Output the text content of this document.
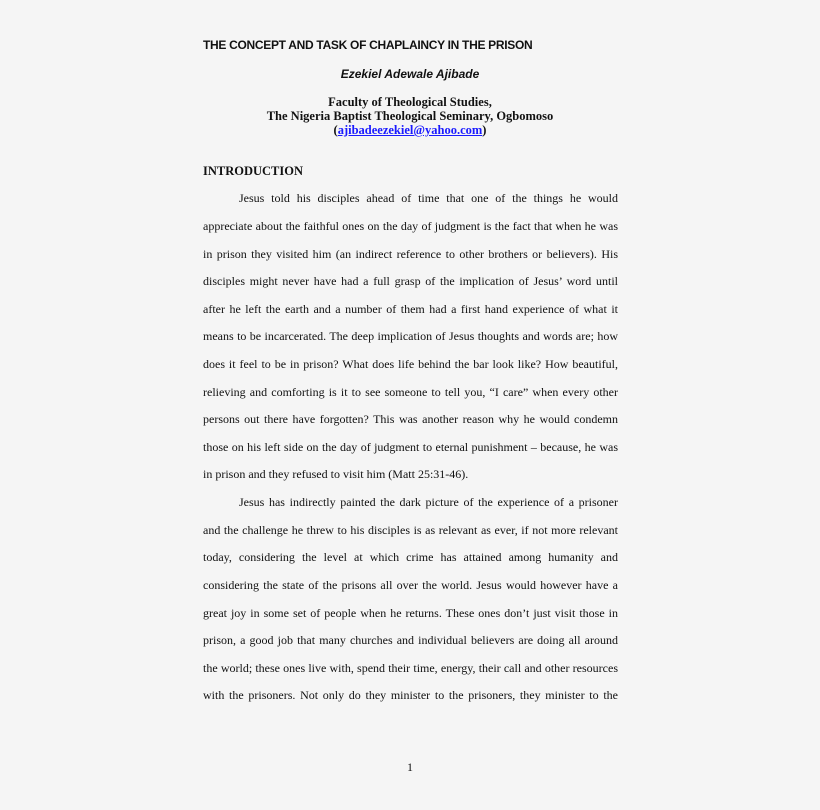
THE CONCEPT AND TASK OF CHAPLAINCY IN THE PRISON
Ezekiel Adewale Ajibade
Faculty of Theological Studies,
The Nigeria Baptist Theological Seminary, Ogbomoso
(ajibadeezekiel@yahoo.com)
INTRODUCTION
Jesus told his disciples ahead of time that one of the things he would
appreciate about the faithful ones on the day of judgment is the fact that when he was
in prison they visited him (an indirect reference to other brothers or believers). His
disciples might never have had a full grasp of the implication of Jesus’ word until
after he left the earth and a number of them had a first hand experience of what it
means to be incarcerated. The deep implication of Jesus thoughts and words are; how
does it feel to be in prison? What does life behind the bar look like? How beautiful,
relieving and comforting is it to see someone to tell you, “I care” when every other
persons out there have forgotten? This was another reason why he would condemn
those on his left side on the day of judgment to eternal punishment – because, he was
in prison and they refused to visit him (Matt 25:31-46).
Jesus has indirectly painted the dark picture of the experience of a prisoner
and the challenge he threw to his disciples is as relevant as ever, if not more relevant
today, considering the level at which crime has attained among humanity and
considering the state of the prisons all over the world. Jesus would however have a
great joy in some set of people when he returns. These ones don’t just visit those in
prison, a good job that many churches and individual believers are doing all around
the world; these ones live with, spend their time, energy, their call and other resources
with the prisoners. Not only do they minister to the prisoners, they minister to the
1
